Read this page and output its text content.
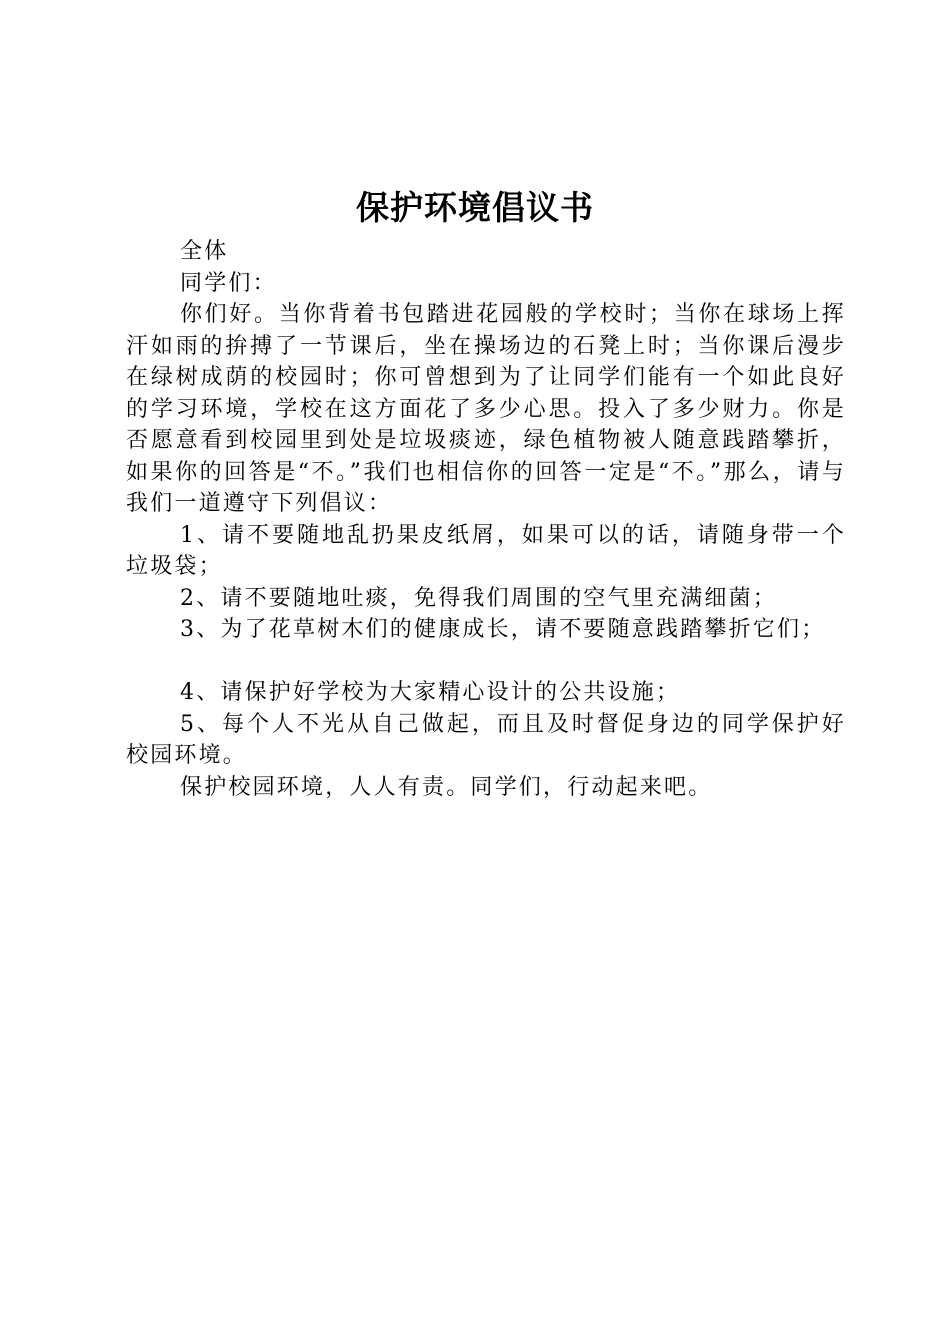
保护环境倡议书

全体

同学们：

你们好。当你背着书包踏进花园般的学校时；当你在球场上挥汗如雨的拚搏了一节课后，坐在操场边的石凳上时；当你课后漫步在绿树成荫的校园时；你可曾想到为了让同学们能有一个如此良好的学习环境，学校在这方面花了多少心思。投入了多少财力。你是否愿意看到校园里到处是垃圾痰迹，绿色植物被人随意践踏攀折，如果你的回答是“不。”我们也相信你的回答一定是“不。”那么，请与我们一道遵守下列倡议：

1、请不要随地乱扔果皮纸屑，如果可以的话，请随身带一个垃圾袋；

2、请不要随地吐痰，免得我们周围的空气里充满细菌；

3、为了花草树木们的健康成长，请不要随意践踏攀折它们；

4、请保护好学校为大家精心设计的公共设施；

5、每个人不光从自己做起，而且及时督促身边的同学保护好校园环境。

保护校园环境，人人有责。同学们，行动起来吧。
